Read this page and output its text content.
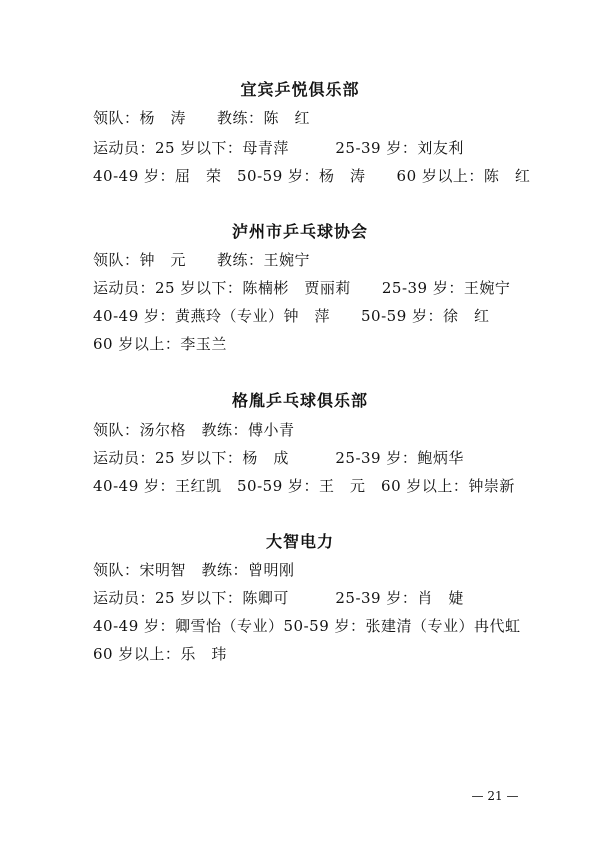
宜宾乒悦俱乐部
领队：杨　涛　　教练：陈　红
运动员：25 岁以下：母青萍　　　25-39 岁：刘友利
40-49 岁：屈　荣　50-59 岁：杨　涛　　60 岁以上：陈　红
泸州市乒乓球协会
领队：钟　元　　教练：王婉宁
运动员：25 岁以下：陈楠彬　贾丽莉　　25-39 岁：王婉宁
40-49 岁：黄燕玲（专业）钟　萍　　50-59 岁：徐　红
60 岁以上：李玉兰
格胤乒乓球俱乐部
领队：汤尔格　教练：傅小青
运动员：25 岁以下：杨　成　　　25-39 岁：鲍炳华
40-49 岁：王红凯　50-59 岁：王　元　60 岁以上：钟崇新
大智电力
领队：宋明智　教练：曾明刚
运动员：25 岁以下：陈卿可　　　25-39 岁：肖　婕
40-49 岁：卿雪怡（专业）50-59 岁：张建清（专业）冉代虹
60 岁以上：乐　玮
— 21 —
